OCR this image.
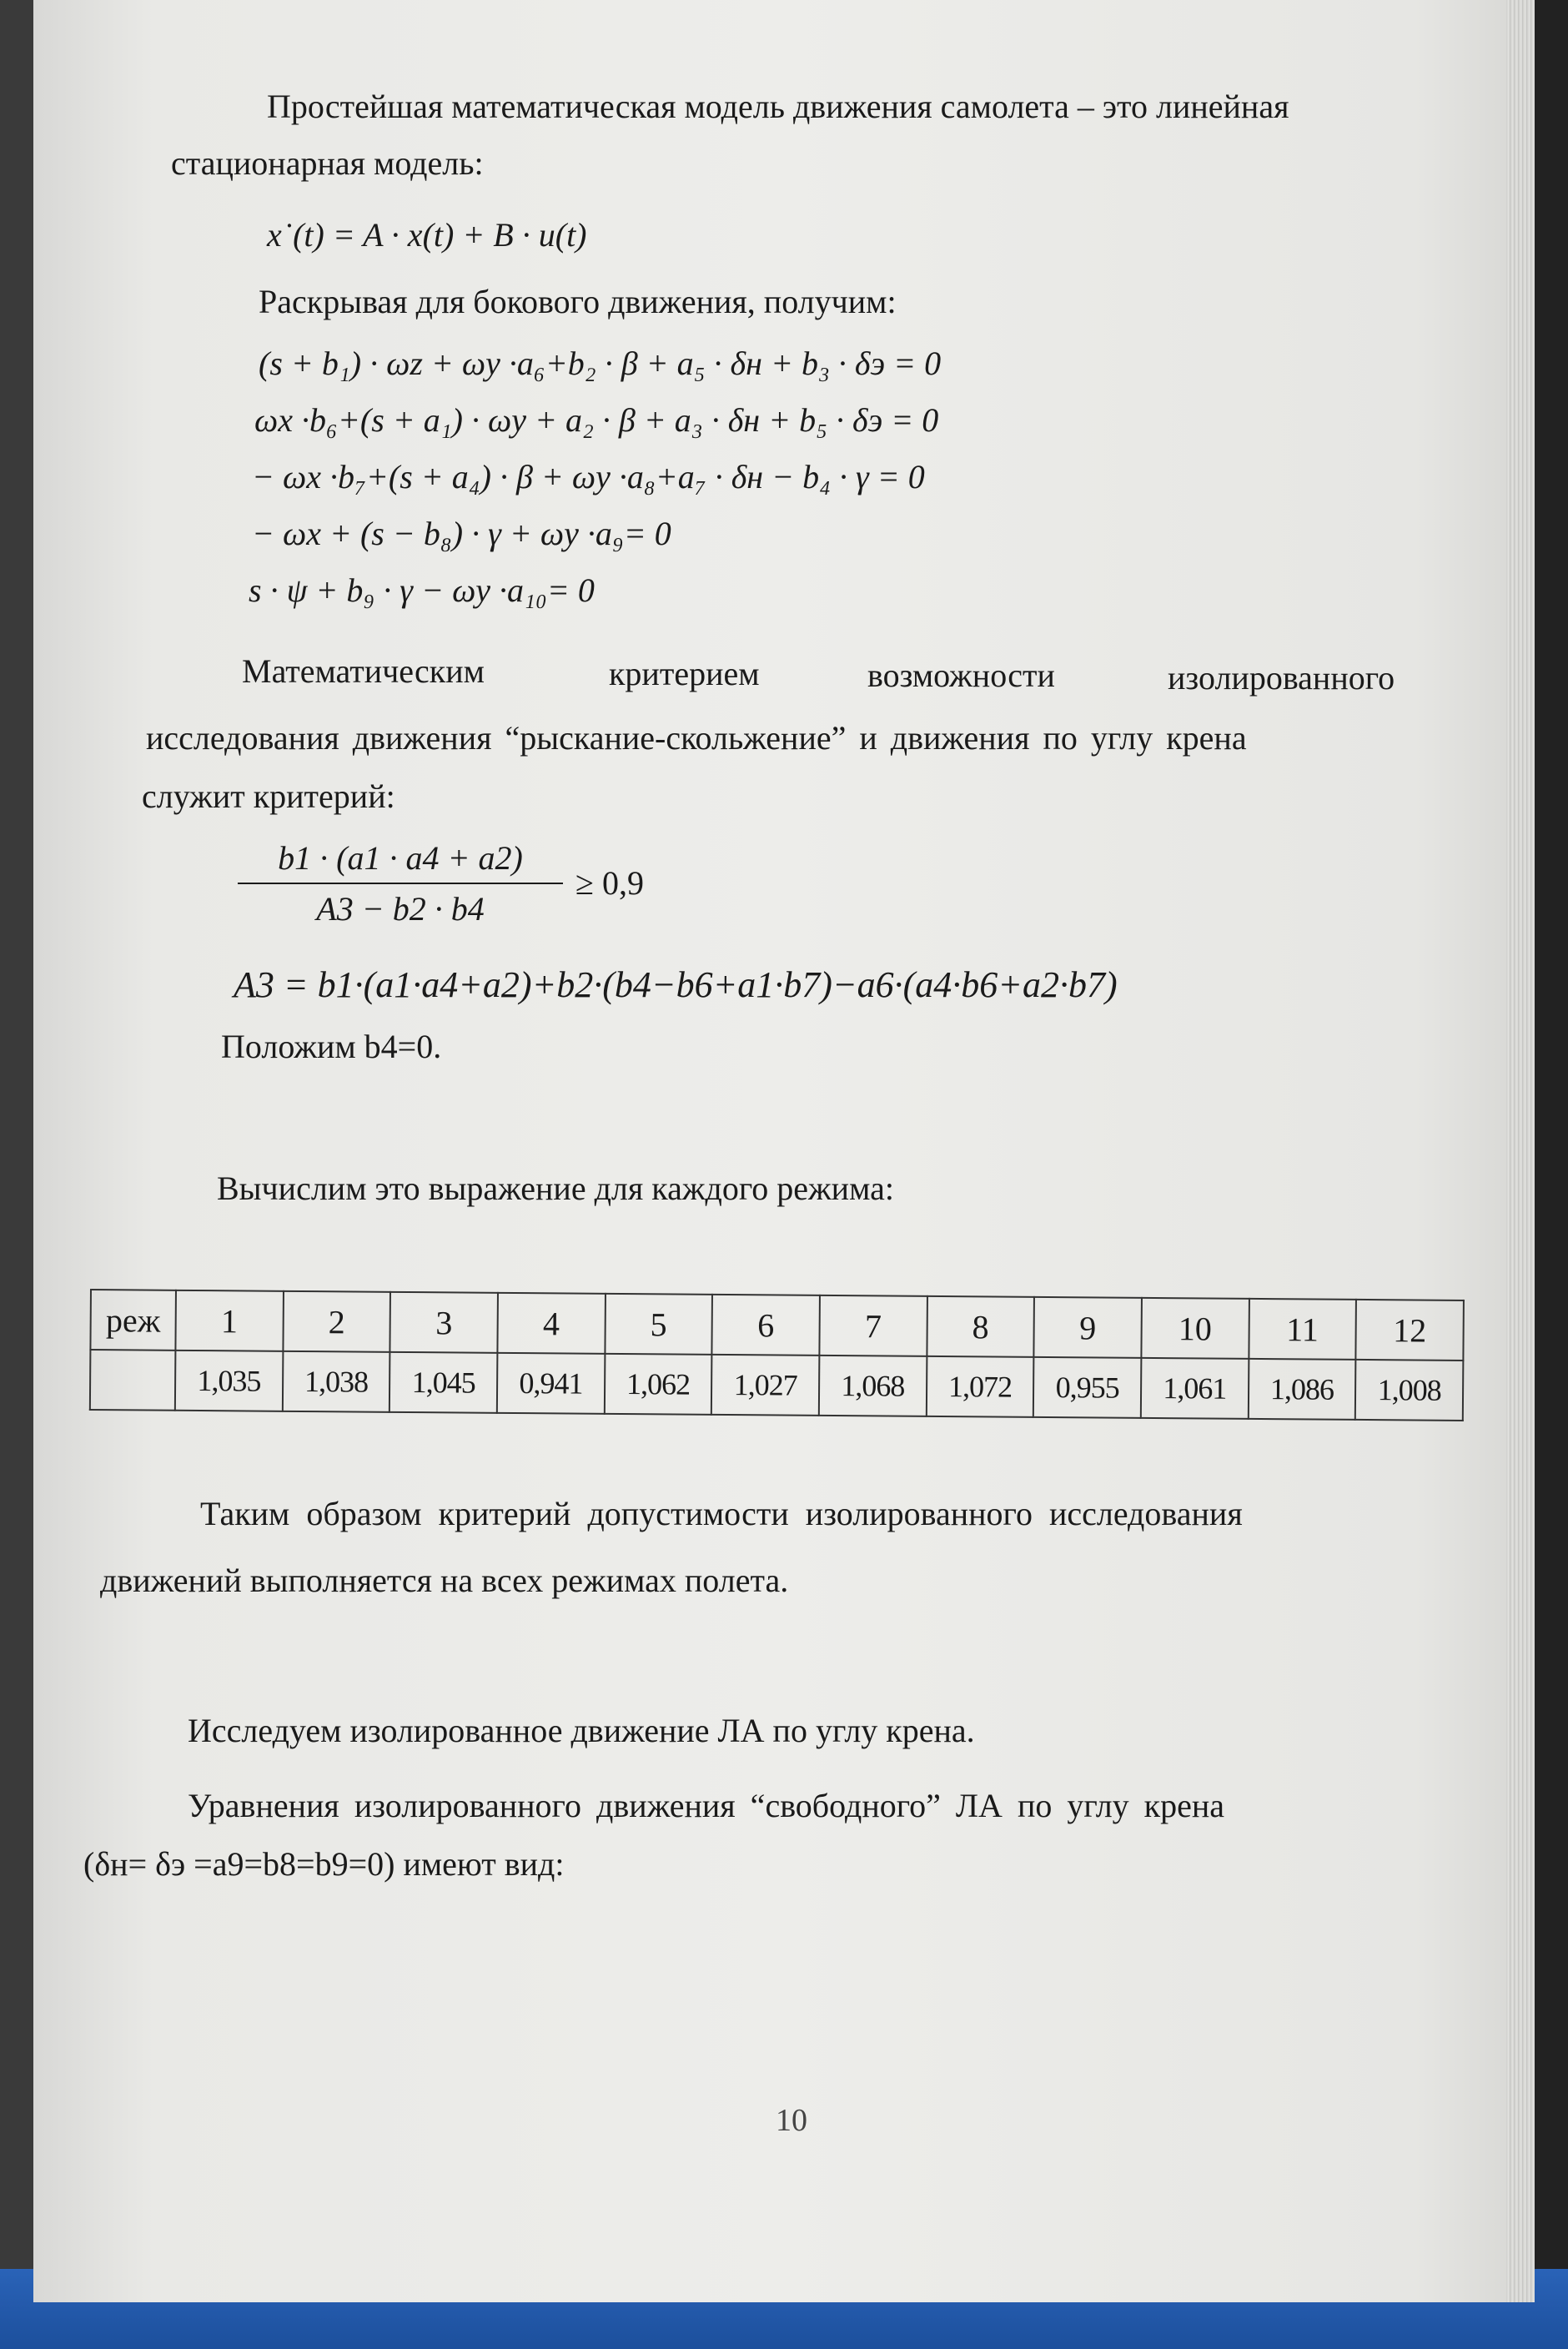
Простейшая математическая модель движения самолета – это линейная

стационарная модель:

x˙(t) = A · x(t) + B · u(t)

Раскрывая для бокового движения, получим:

(s + b₁) · ωz + ωy ·a₆+b₂ · β + a₅ · δн + b₃ · δэ = 0
ωx ·b₆+(s + a₁) · ωy + a₂ · β + a₃ · δн + b₅ · δэ = 0
− ωx ·b₇+(s + a₄) · β + ωy ·a₈+a₇ · δн − b₄ · γ = 0
− ωx + (s − b₈) · γ + ωy ·a₉= 0
s · ψ + b₉ · γ − ωy ·a₁₀= 0

Математическим	критерием	возможности	изолированного

исследования движения “рыскание-скольжение” и движения по углу крена

служит критерий:

b1 · (a1 · a4 + a2)
A3 − b2 · b4
≥ 0,9
A3 = b1·(a1·a4+a2)+b2·(b4−b6+a1·b7)−a6·(a4·b6+a2·b7)

Положим b4=0.

Вычислим это выражение для каждого режима:

реж	1	2	3	4	5	6	7	8	9	10	11	12
	1,035	1,038	1,045	0,941	1,062	1,027	1,068	1,072	0,955	1,061	1,086	1,008

Таким образом критерий допустимости изолированного исследования

движений выполняется на всех режимах полета.

Исследуем изолированное движение ЛА по углу крена.

Уравнения изолированного движения “свободного” ЛА по углу крена

(δн= δэ =a9=b8=b9=0) имеют вид:

10
